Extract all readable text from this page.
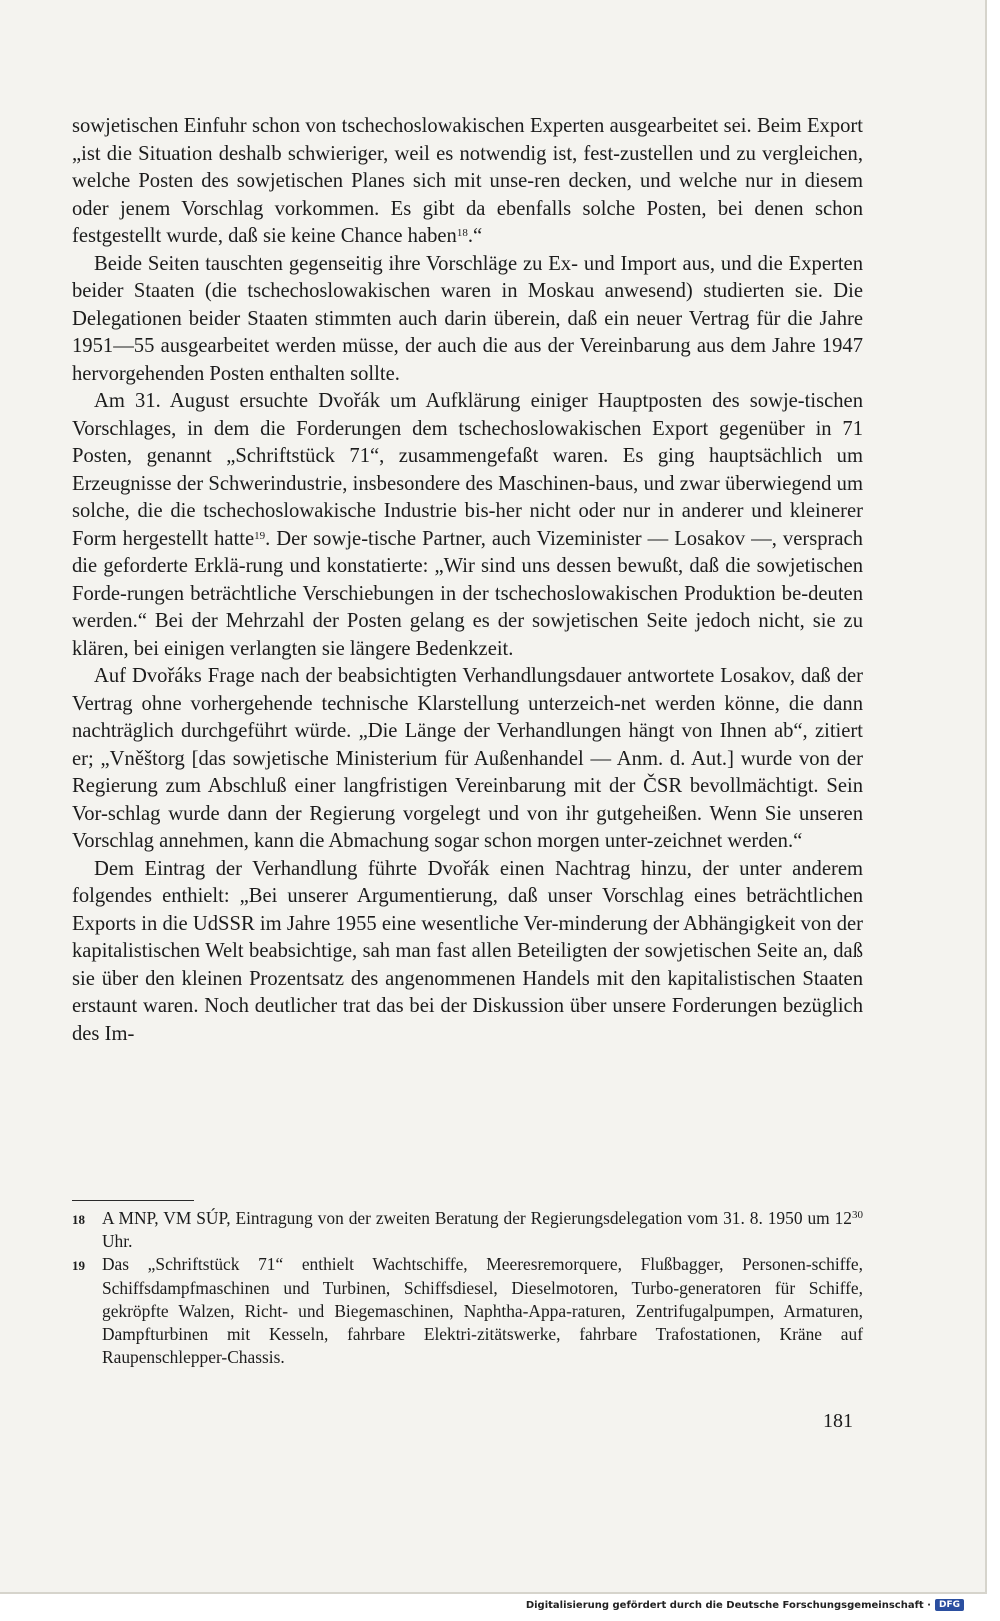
sowjetischen Einfuhr schon von tschechoslowakischen Experten ausgearbeitet sei. Beim Export „ist die Situation deshalb schwieriger, weil es notwendig ist, fest-zustellen und zu vergleichen, welche Posten des sowjetischen Planes sich mit unse-ren decken, und welche nur in diesem oder jenem Vorschlag vorkommen. Es gibt da ebenfalls solche Posten, bei denen schon festgestellt wurde, daß sie keine Chance haben$^{18}$.“

Beide Seiten tauschten gegenseitig ihre Vorschläge zu Ex- und Import aus, und die Experten beider Staaten (die tschechoslowakischen waren in Moskau anwesend) studierten sie. Die Delegationen beider Staaten stimmten auch darin überein, daß ein neuer Vertrag für die Jahre 1951—55 ausgearbeitet werden müsse, der auch die aus der Vereinbarung aus dem Jahre 1947 hervorgehenden Posten enthalten sollte.

Am 31. August ersuchte Dvořák um Aufklärung einiger Hauptposten des sowje-tischen Vorschlages, in dem die Forderungen dem tschechoslowakischen Export gegenüber in 71 Posten, genannt „Schriftstück 71“, zusammengefaßt waren. Es ging hauptsächlich um Erzeugnisse der Schwerindustrie, insbesondere des Maschinen-baus, und zwar überwiegend um solche, die die tschechoslowakische Industrie bis-her nicht oder nur in anderer und kleinerer Form hergestellt hatte$^{19}$. Der sowje-tische Partner, auch Vizeminister — Losakov —, versprach die geforderte Erklä-rung und konstatierte: „Wir sind uns dessen bewußt, daß die sowjetischen Forde-rungen beträchtliche Verschiebungen in der tschechoslowakischen Produktion be-deuten werden.“ Bei der Mehrzahl der Posten gelang es der sowjetischen Seite jedoch nicht, sie zu klären, bei einigen verlangten sie längere Bedenkzeit.

Auf Dvořáks Frage nach der beabsichtigten Verhandlungsdauer antwortete Losakov, daß der Vertrag ohne vorhergehende technische Klarstellung unterzeich-net werden könne, die dann nachträglich durchgeführt würde. „Die Länge der Verhandlungen hängt von Ihnen ab“, zitiert er; „Vněštorg [das sowjetische Ministerium für Außenhandel — Anm. d. Aut.] wurde von der Regierung zum Abschluß einer langfristigen Vereinbarung mit der ČSR bevollmächtigt. Sein Vor-schlag wurde dann der Regierung vorgelegt und von ihr gutgeheißen. Wenn Sie unseren Vorschlag annehmen, kann die Abmachung sogar schon morgen unter-zeichnet werden.“

Dem Eintrag der Verhandlung führte Dvořák einen Nachtrag hinzu, der unter anderem folgendes enthielt: „Bei unserer Argumentierung, daß unser Vorschlag eines beträchtlichen Exports in die UdSSR im Jahre 1955 eine wesentliche Ver-minderung der Abhängigkeit von der kapitalistischen Welt beabsichtige, sah man fast allen Beteiligten der sowjetischen Seite an, daß sie über den kleinen Prozentsatz des angenommenen Handels mit den kapitalistischen Staaten erstaunt waren. Noch deutlicher trat das bei der Diskussion über unsere Forderungen bezüglich des Im-

18 A MNP, VM SÚP, Eintragung von der zweiten Beratung der Regierungsdelegation vom 31. 8. 1950 um $12^{30}$ Uhr.
19 Das „Schriftstück 71“ enthielt Wachtschiffe, Meeresremorquere, Flußbagger, Personen-schiffe, Schiffsdampfmaschinen und Turbinen, Schiffsdiesel, Dieselmotoren, Turbo-generatoren für Schiffe, gekröpfte Walzen, Richt- und Biegemaschinen, Naphtha-Appa-raturen, Zentrifugalpumpen, Armaturen, Dampfturbinen mit Kesseln, fahrbare Elektri-zitätswerke, fahrbare Trafostationen, Kräne auf Raupenschlepper-Chassis.
181
Digitalisierung gefördert durch die Deutsche Forschungsgemeinschaft · DFG
